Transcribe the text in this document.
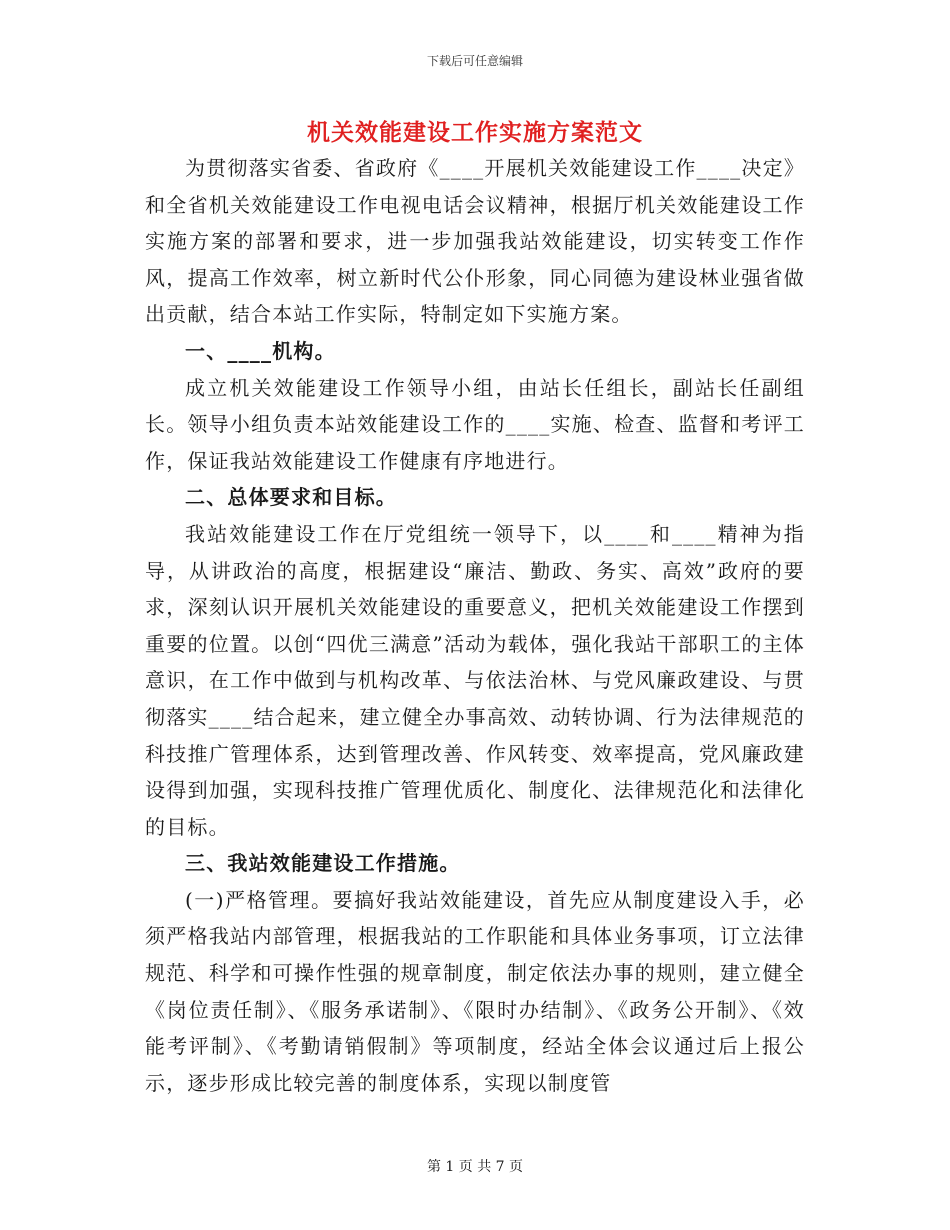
下载后可任意编辑
机关效能建设工作实施方案范文

为贯彻落实省委、省政府《____开展机关效能建设工作____决定》和全省机关效能建设工作电视电话会议精神，根据厅机关效能建设工作实施方案的部署和要求，进一步加强我站效能建设，切实转变工作作风，提高工作效率，树立新时代公仆形象，同心同德为建设林业强省做出贡献，结合本站工作实际，特制定如下实施方案。

一、____机构。

成立机关效能建设工作领导小组，由站长任组长，副站长任副组长。领导小组负责本站效能建设工作的____实施、检查、监督和考评工作，保证我站效能建设工作健康有序地进行。

二、总体要求和目标。

我站效能建设工作在厅党组统一领导下，以____和____精神为指导，从讲政治的高度，根据建设“廉洁、勤政、务实、高效”政府的要求，深刻认识开展机关效能建设的重要意义，把机关效能建设工作摆到重要的位置。以创“四优三满意”活动为载体，强化我站干部职工的主体意识，在工作中做到与机构改革、与依法治林、与党风廉政建设、与贯彻落实____结合起来，建立健全办事高效、动转协调、行为法律规范的科技推广管理体系，达到管理改善、作风转变、效率提高，党风廉政建设得到加强，实现科技推广管理优质化、制度化、法律规范化和法律化的目标。

三、我站效能建设工作措施。

(一)严格管理。要搞好我站效能建设，首先应从制度建设入手，必须严格我站内部管理，根据我站的工作职能和具体业务事项，订立法律规范、科学和可操作性强的规章制度，制定依法办事的规则，建立健全《岗位责任制》、《服务承诺制》、《限时办结制》、《政务公开制》、《效能考评制》、《考勤请销假制》等项制度，经站全体会议通过后上报公示，逐步形成比较完善的制度体系，实现以制度管

第 1 页 共 7 页
